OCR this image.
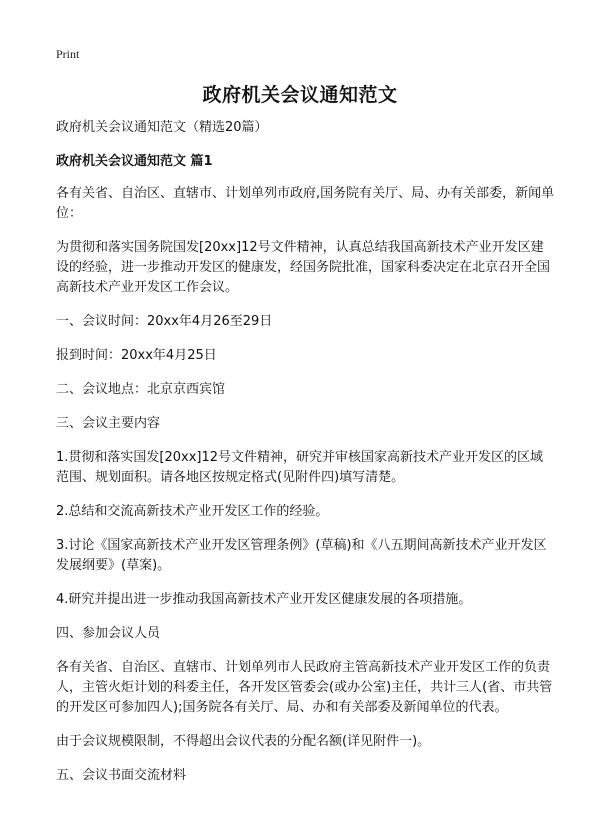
Print
政府机关会议通知范文

政府机关会议通知范文（精选20篇）

政府机关会议通知范文 篇1

各有关省、自治区、直辖市、计划单列市政府,国务院有关厅、局、办有关部委，新闻单位：

为贯彻和落实国务院国发[20xx]12号文件精神，认真总结我国高新技术产业开发区建设的经验，进一步推动开发区的健康发，经国务院批准，国家科委决定在北京召开全国高新技术产业开发区工作会议。

一、会议时间：20xx年4月26至29日

报到时间：20xx年4月25日

二、会议地点：北京京西宾馆

三、会议主要内容

1.贯彻和落实国发[20xx]12号文件精神，研究并审核国家高新技术产业开发区的区域范围、规划面积。请各地区按规定格式(见附件四)填写清楚。

2.总结和交流高新技术产业开发区工作的经验。

3.讨论《国家高新技术产业开发区管理条例》(草稿)和《八五期间高新技术产业开发区发展纲要》(草案)。

4.研究并提出进一步推动我国高新技术产业开发区健康发展的各项措施。

四、参加会议人员

各有关省、自治区、直辖市、计划单列市人民政府主管高新技术产业开发区工作的负责人，主管火炬计划的科委主任，各开发区管委会(或办公室)主任，共计三人(省、市共管的开发区可参加四人);国务院各有关厅、局、办和有关部委及新闻单位的代表。

由于会议规模限制，不得超出会议代表的分配名额(详见附件一)。

五、会议书面交流材料
